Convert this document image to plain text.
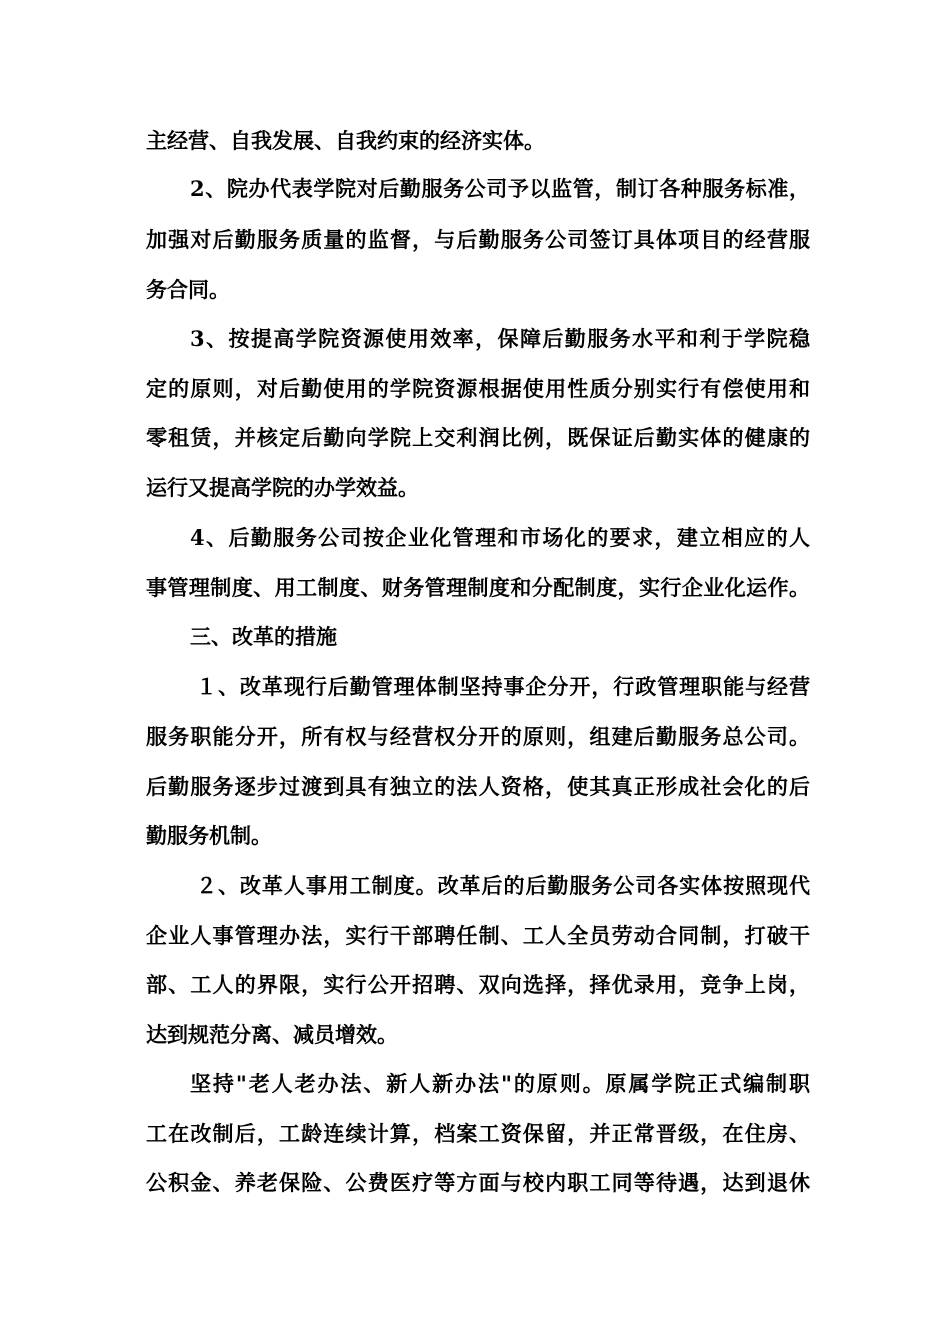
主经营、自我发展、自我约束的经济实体。
2、院办代表学院对后勤服务公司予以监管，制订各种服务标准，
加强对后勤服务质量的监督，与后勤服务公司签订具体项目的经营服
务合同。
3、按提高学院资源使用效率，保障后勤服务水平和利于学院稳
定的原则，对后勤使用的学院资源根据使用性质分别实行有偿使用和
零租赁，并核定后勤向学院上交利润比例，既保证后勤实体的健康的
运行又提高学院的办学效益。
4、后勤服务公司按企业化管理和市场化的要求，建立相应的人
事管理制度、用工制度、财务管理制度和分配制度，实行企业化运作。
三、改革的措施
１、改革现行后勤管理体制坚持事企分开，行政管理职能与经营
服务职能分开，所有权与经营权分开的原则，组建后勤服务总公司。
后勤服务逐步过渡到具有独立的法人资格，使其真正形成社会化的后
勤服务机制。
２、改革人事用工制度。改革后的后勤服务公司各实体按照现代
企业人事管理办法，实行干部聘任制、工人全员劳动合同制，打破干
部、工人的界限，实行公开招聘、双向选择，择优录用，竞争上岗，
达到规范分离、减员增效。
坚持"老人老办法、新人新办法"的原则。原属学院正式编制职
工在改制后，工龄连续计算，档案工资保留，并正常晋级，在住房、
公积金、养老保险、公费医疗等方面与校内职工同等待遇，达到退休
